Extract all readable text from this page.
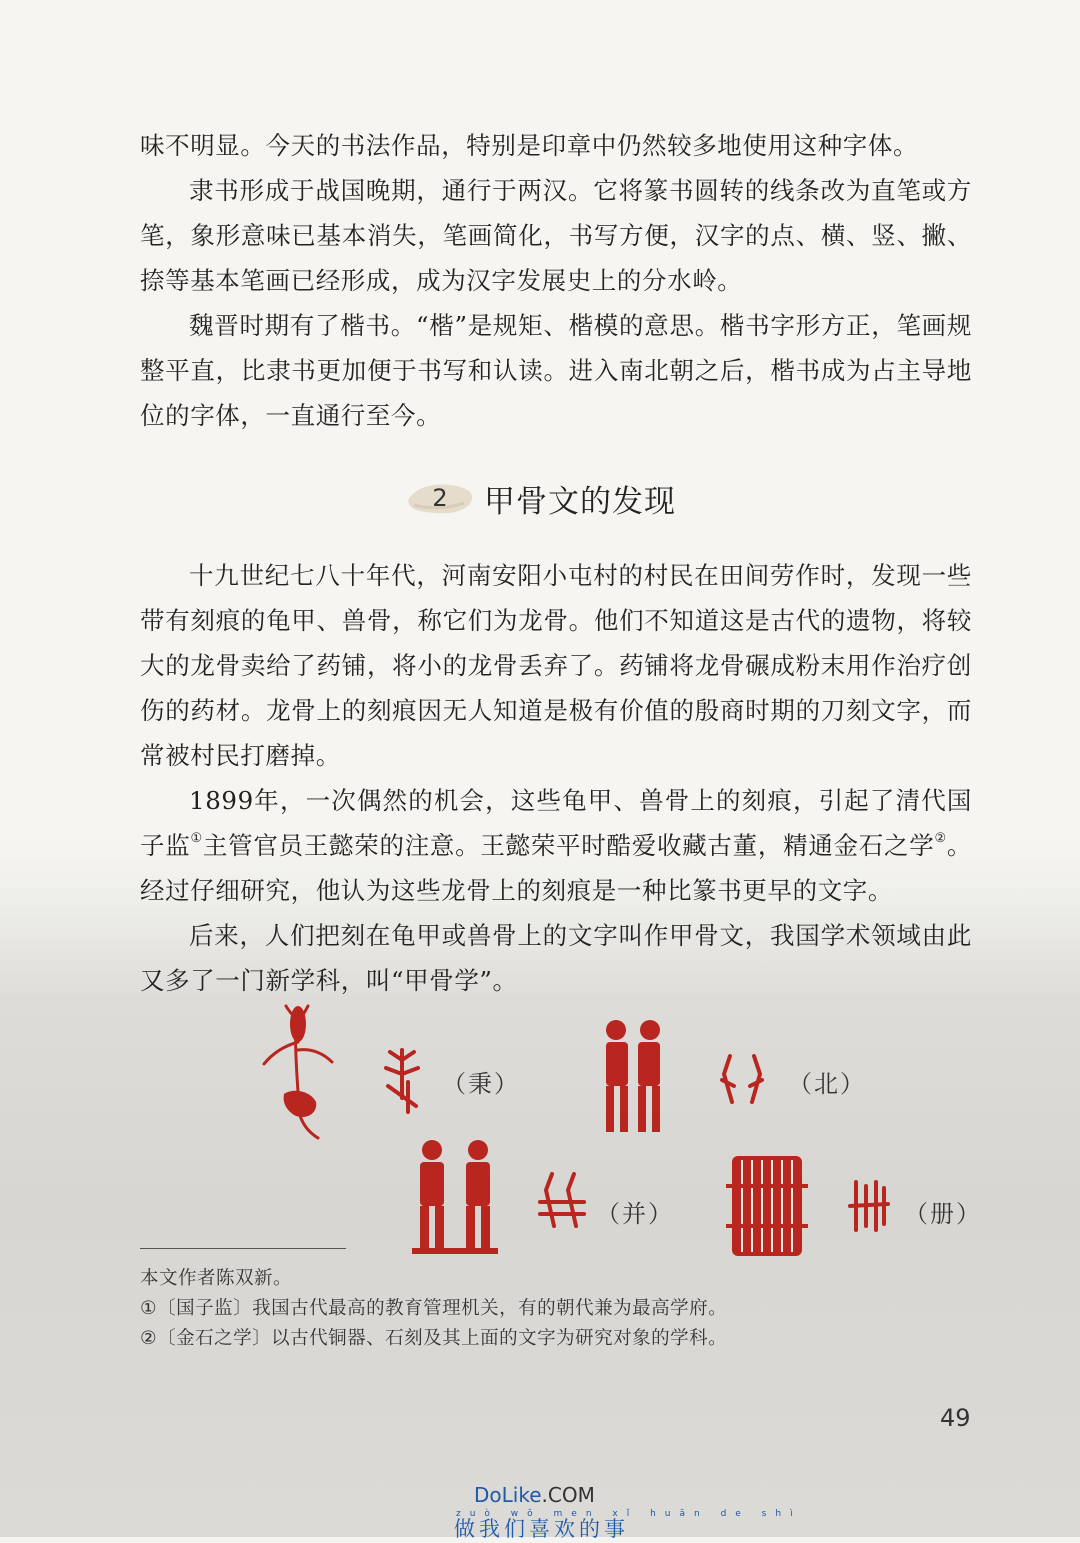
味不明显。今天的书法作品，特别是印章中仍然较多地使用这种字体。

隶书形成于战国晚期，通行于两汉。它将篆书圆转的线条改为直笔或方笔，象形意味已基本消失，笔画简化，书写方便，汉字的点、横、竖、撇、捺等基本笔画已经形成，成为汉字发展史上的分水岭。

魏晋时期有了楷书。“楷”是规矩、楷模的意思。楷书字形方正，笔画规整平直，比隶书更加便于书写和认读。进入南北朝之后，楷书成为占主导地位的字体，一直通行至今。

2	甲骨文的发现

十九世纪七八十年代，河南安阳小屯村的村民在田间劳作时，发现一些带有刻痕的龟甲、兽骨，称它们为龙骨。他们不知道这是古代的遗物，将较大的龙骨卖给了药铺，将小的龙骨丢弃了。药铺将龙骨碾成粉末用作治疗创伤的药材。龙骨上的刻痕因无人知道是极有价值的殷商时期的刀刻文字，而常被村民打磨掉。

1899年，一次偶然的机会，这些龟甲、兽骨上的刻痕，引起了清代国子监①主管官员王懿荣的注意。王懿荣平时酷爱收藏古董，精通金石之学②。经过仔细研究，他认为这些龙骨上的刻痕是一种比篆书更早的文字。

后来，人们把刻在龟甲或兽骨上的文字叫作甲骨文，我国学术领域由此又多了一门新学科，叫“甲骨学”。

（秉）	（北）
（并）	（册）

本文作者陈双新。

①〔国子监〕我国古代最高的教育管理机关，有的朝代兼为最高学府。

②〔金石之学〕以古代铜器、石刻及其上面的文字为研究对象的学科。

49
DoLike.COM
zuò wǒ men xǐ huān de shì
做我们喜欢的事
